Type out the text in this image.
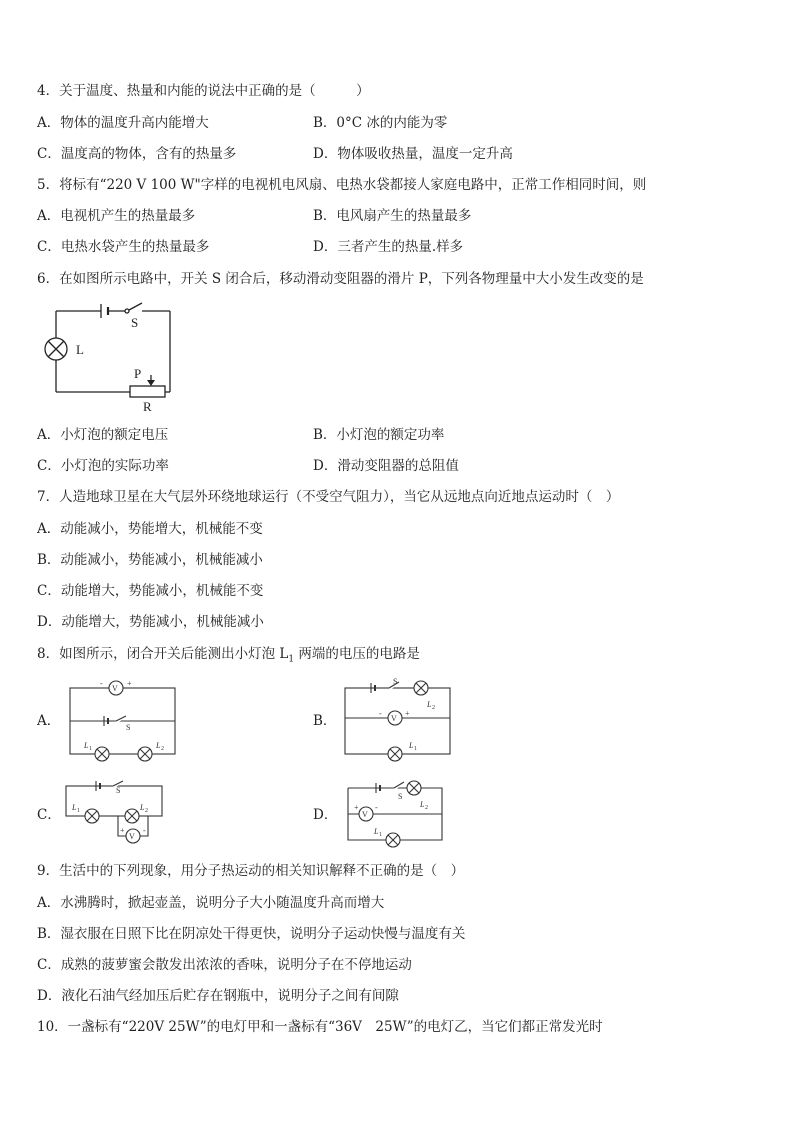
4．关于温度、热量和内能的说法中正确的是（　　　）
A．物体的温度升高内能增大	B．0°C 冰的内能为零
C．温度高的物体，含有的热量多	D．物体吸收热量，温度一定升高
5．将标有“220 V 100 W"字样的电视机电风扇、电热水袋都接人家庭电路中，正常工作相同时间，则
A．电视机产生的热量最多	B．电风扇产生的热量最多
C．电热水袋产生的热量最多	D．三者产生的热量.样多
6．在如图所示电路中，开关 S 闭合后，移动滑动变阻器的滑片 P，下列各物理量中大小发生改变的是
L
S
P
R
A．小灯泡的额定电压	B．小灯泡的额定功率
C．小灯泡的实际功率	D．滑动变阻器的总阻值
7．人造地球卫星在大气层外环绕地球运行（不受空气阻力），当它从远地点向近地点运动时（　）
A．动能减小，势能增大，机械能不变
B．动能减小，势能减小，机械能减小
C．动能增大，势能减小，机械能不变
D．动能增大，势能减小，机械能减小
8．如图所示，闭合开关后能测出小灯泡 $L_1$ 两端的电压的电路是
A．
V
-	+
S
L 1	L 2
B．	V
-	+
S
L 2
L 1
C．
V
+ -
S
L 1	L 2	D．	V
+ -
S
L 2
L 1
9．生活中的下列现象，用分子热运动的相关知识解释不正确的是（　）
A．水沸腾时，掀起壶盖，说明分子大小随温度升高而增大
B．湿衣服在日照下比在阴凉处干得更快，说明分子运动快慢与温度有关
C．成熟的菠萝蜜会散发出浓浓的香味，说明分子在不停地运动
D．液化石油气经加压后贮存在钢瓶中，说明分子之间有间隙
10．一盏标有“220V 25W”的电灯甲和一盏标有“36V　25W”的电灯乙，当它们都正常发光时
